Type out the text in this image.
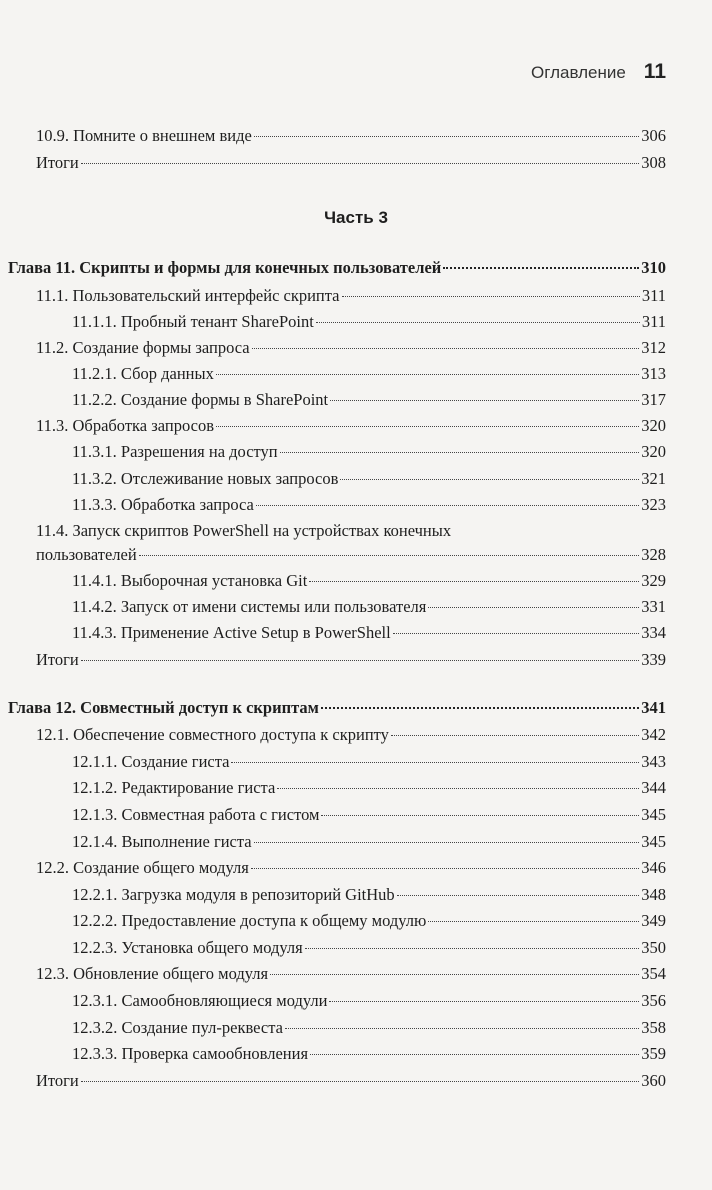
Оглавление 11
Часть 3
10.9. Помните о внешнем виде	306
Итоги	308
Глава 11. Скрипты и формы для конечных пользователей	310
11.1. Пользовательский интерфейс скрипта	311
11.1.1. Пробный тенант SharePoint	311
11.2. Создание формы запроса	312
11.2.1. Сбор данных	313
11.2.2. Создание формы в SharePoint	317
11.3. Обработка запросов	320
11.3.1. Разрешения на доступ	320
11.3.2. Отслеживание новых запросов	321
11.3.3. Обработка запроса	323
11.4. Запуск скриптов PowerShell на устройствах конечных
пользователей	328
11.4.1. Выборочная установка Git	329
11.4.2. Запуск от имени системы или пользователя	331
11.4.3. Применение Active Setup в PowerShell	334
Итоги	339
Глава 12. Совместный доступ к скриптам	341
12.1. Обеспечение совместного доступа к скрипту	342
12.1.1. Создание гиста	343
12.1.2. Редактирование гиста	344
12.1.3. Совместная работа с гистом	345
12.1.4. Выполнение гиста	345
12.2. Создание общего модуля	346
12.2.1. Загрузка модуля в репозиторий GitHub	348
12.2.2. Предоставление доступа к общему модулю	349
12.2.3. Установка общего модуля	350
12.3. Обновление общего модуля	354
12.3.1. Самообновляющиеся модули	356
12.3.2. Создание пул-реквеста	358
12.3.3. Проверка самообновления	359
Итоги	360
